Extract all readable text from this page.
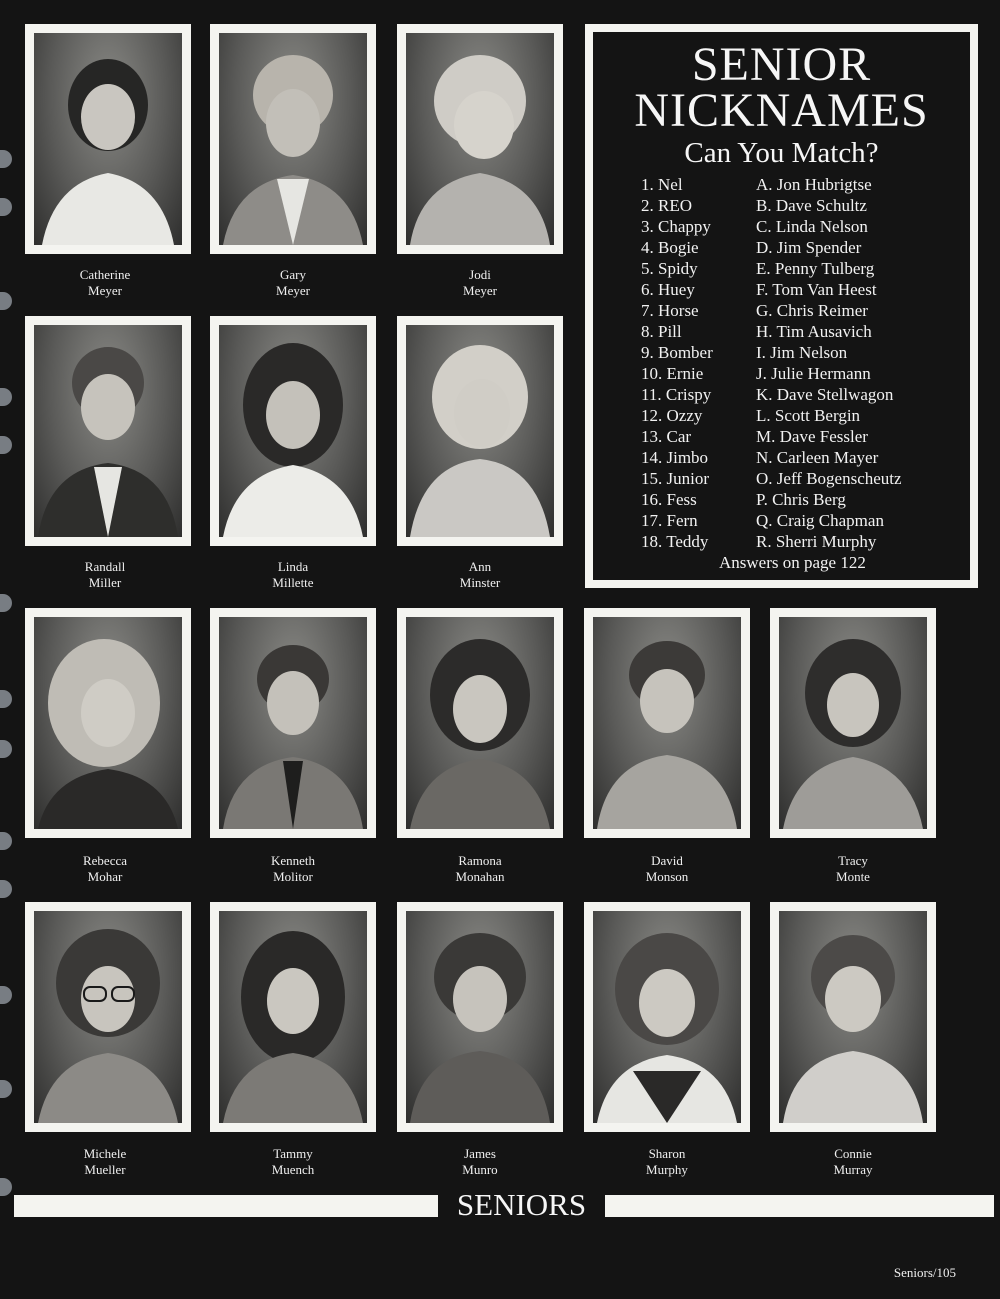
Catherine
Meyer
Gary
Meyer
Jodi
Meyer
Randall
Miller
Linda
Millette
Ann
Minster
SENIOR
NICKNAMES
Can You Match?
1. Nel	A. Jon Hubrigtse
2. REO	B. Dave Schultz
3. Chappy	C. Linda Nelson
4. Bogie	D. Jim Spender
5. Spidy	E. Penny Tulberg
6. Huey	F. Tom Van Heest
7. Horse	G. Chris Reimer
8. Pill	H. Tim Ausavich
9. Bomber	I. Jim Nelson
10. Ernie	J. Julie Hermann
11. Crispy	K. Dave Stellwagon
12. Ozzy	L. Scott Bergin
13. Car	M. Dave Fessler
14. Jimbo	N. Carleen Mayer
15. Junior	O. Jeff Bogenscheutz
16. Fess	P. Chris Berg
17. Fern	Q. Craig Chapman
18. Teddy	R. Sherri Murphy
Answers on page 122
Rebecca
Mohar
Kenneth
Molitor
Ramona
Monahan
David
Monson
Tracy
Monte
Michele
Mueller
Tammy
Muench
James
Munro
Sharon
Murphy
Connie
Murray
SENIORS
Seniors/105
